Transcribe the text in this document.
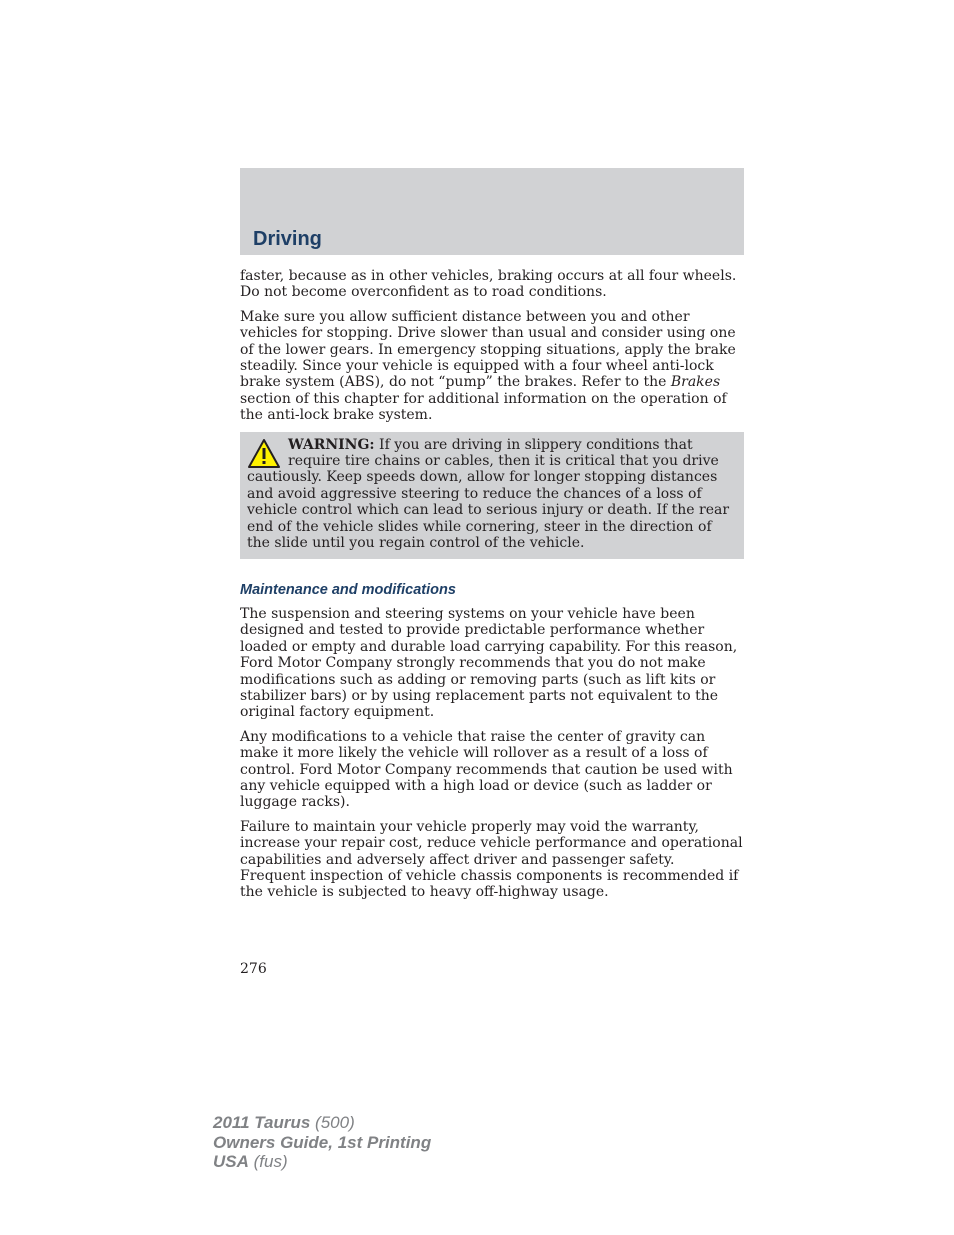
Driving

faster, because as in other vehicles, braking occurs at all four wheels. Do not become overconfident as to road conditions.

Make sure you allow sufficient distance between you and other vehicles for stopping. Drive slower than usual and consider using one of the lower gears. In emergency stopping situations, apply the brake steadily. Since your vehicle is equipped with a four wheel anti-lock brake system (ABS), do not “pump” the brakes. Refer to the Brakes section of this chapter for additional information on the operation of the anti-lock brake system.

WARNING: If you are driving in slippery conditions that require tire chains or cables, then it is critical that you drive cautiously. Keep speeds down, allow for longer stopping distances and avoid aggressive steering to reduce the chances of a loss of vehicle control which can lead to serious injury or death. If the rear end of the vehicle slides while cornering, steer in the direction of the slide until you regain control of the vehicle.
Maintenance and modifications

The suspension and steering systems on your vehicle have been designed and tested to provide predictable performance whether loaded or empty and durable load carrying capability. For this reason, Ford Motor Company strongly recommends that you do not make modifications such as adding or removing parts (such as lift kits or stabilizer bars) or by using replacement parts not equivalent to the original factory equipment.

Any modifications to a vehicle that raise the center of gravity can make it more likely the vehicle will rollover as a result of a loss of control. Ford Motor Company recommends that caution be used with any vehicle equipped with a high load or device (such as ladder or luggage racks).

Failure to maintain your vehicle properly may void the warranty, increase your repair cost, reduce vehicle performance and operational capabilities and adversely affect driver and passenger safety. Frequent inspection of vehicle chassis components is recommended if the vehicle is subjected to heavy off-highway usage.

276
2011 Taurus (500)
Owners Guide, 1st Printing
USA (fus)
